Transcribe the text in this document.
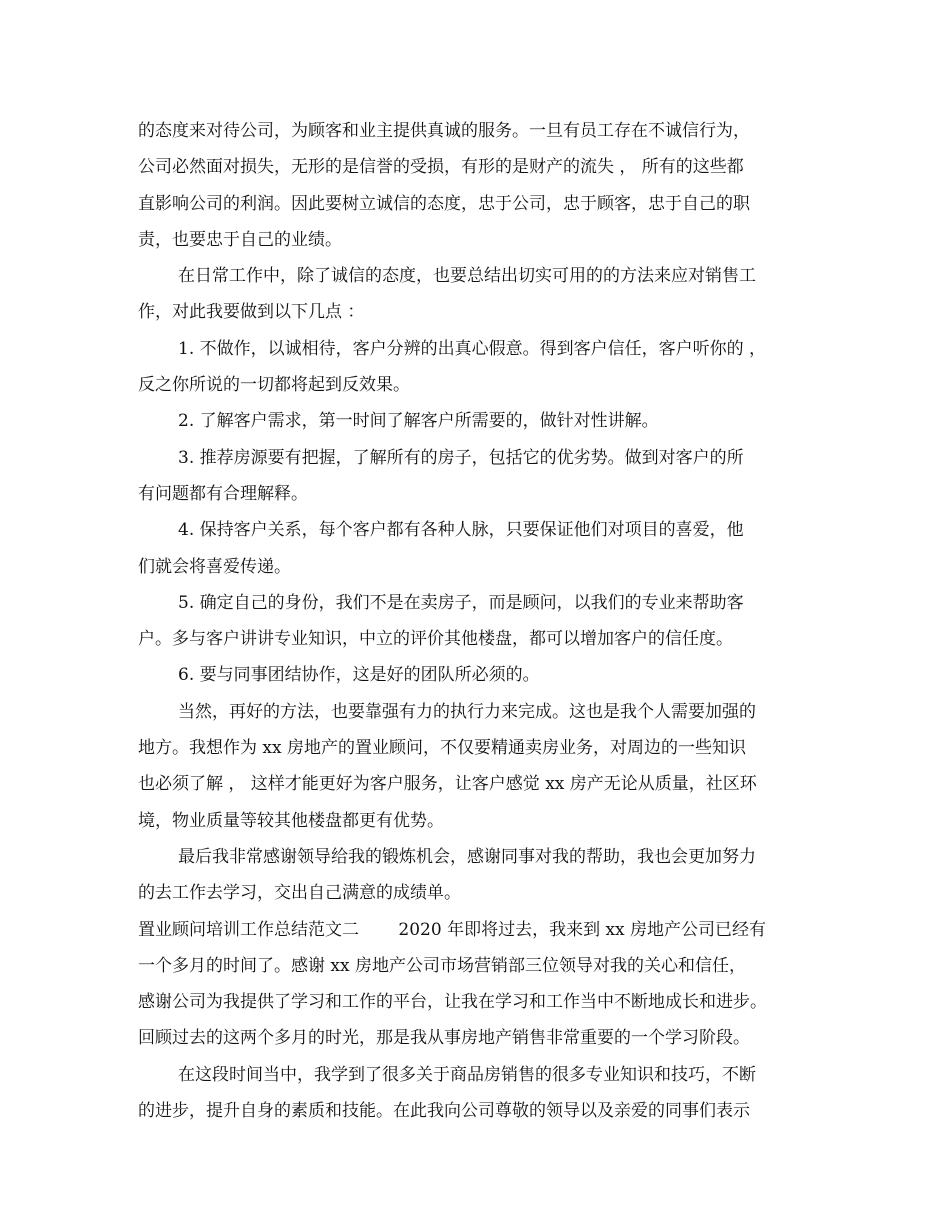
的态度来对待公司，为顾客和业主提供真诚的服务。一旦有员工存在不诚信行为，
公司必然面对损失，无形的是信誉的受损，有形的是财产的流失 ， 所有的这些都
直影响公司的利润。因此要树立诚信的态度，忠于公司，忠于顾客，忠于自己的职
责，也要忠于自己的业绩。
在日常工作中，除了诚信的态度，也要总结出切实可用的的方法来应对销售工
作，对此我要做到以下几点 ：
1. 不做作，以诚相待，客户分辨的出真心假意。得到客户信任，客户听你的 ，
反之你所说的一切都将起到反效果。
2. 了解客户需求，第一时间了解客户所需要的，做针对性讲解。
3. 推荐房源要有把握，了解所有的房子，包括它的优劣势。做到对客户的所
有问题都有合理解释。
4. 保持客户关系，每个客户都有各种人脉，只要保证他们对项目的喜爱，他
们就会将喜爱传递。
5. 确定自己的身份，我们不是在卖房子，而是顾问，以我们的专业来帮助客
户。多与客户讲讲专业知识，中立的评价其他楼盘，都可以增加客户的信任度。
6. 要与同事团结协作，这是好的团队所必须的。
当然，再好的方法，也要靠强有力的执行力来完成。这也是我个人需要加强的
地方。我想作为 xx 房地产的置业顾问，不仅要精通卖房业务，对周边的一些知识
也必须了解 ， 这样才能更好为客户服务，让客户感觉 xx 房产无论从质量，社区环
境，物业质量等较其他楼盘都更有优势。
最后我非常感谢领导给我的锻炼机会，感谢同事对我的帮助，我也会更加努力
的去工作去学习，交出自己满意的成绩单。
置业顾问培训工作总结范文二　　 2020 年即将过去，我来到 xx 房地产公司已经有
一个多月的时间了。感谢 xx 房地产公司市场营销部三位领导对我的关心和信任，
感谢公司为我提供了学习和工作的平台，让我在学习和工作当中不断地成长和进步。
回顾过去的这两个多月的时光，那是我从事房地产销售非常重要的一个学习阶段。
在这段时间当中，我学到了很多关于商品房销售的很多专业知识和技巧，不断
的进步，提升自身的素质和技能。在此我向公司尊敬的领导以及亲爱的同事们表示
